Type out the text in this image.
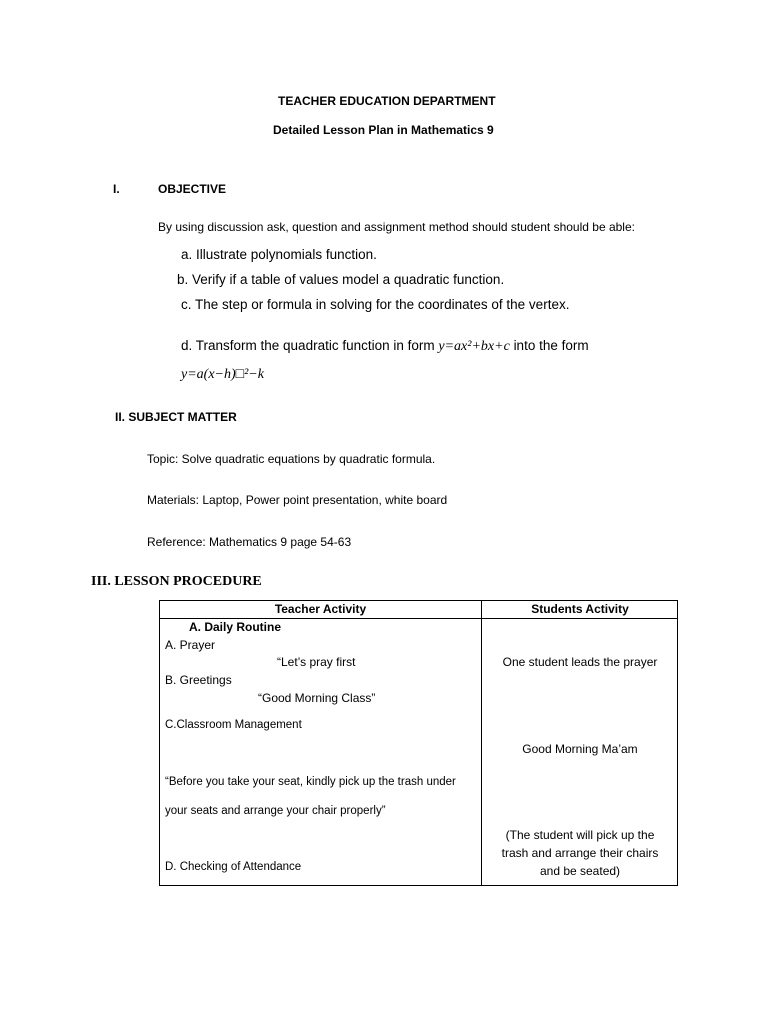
TEACHER EDUCATION DEPARTMENT
Detailed Lesson Plan in Mathematics 9
I.	OBJECTIVE
By using discussion ask, question and assignment method should student should be able:
a. Illustrate polynomials function.
b. Verify if a table of values model a quadratic function.
c. The step or formula in solving for the coordinates of the vertex.
d. Transform the quadratic function in form y=ax²+bx+c into the form
y=a(x−h)□²−k
II. SUBJECT MATTER
Topic: Solve quadratic equations by quadratic formula.
Materials: Laptop, Power point presentation, white board
Reference: Mathematics 9 page 54-63
III. LESSON PROCEDURE
Teacher Activity	Students Activity
A. Daily Routine
A. Prayer
“Let’s pray first
B. Greetings
“Good Morning Class”
C.Classroom Management
“Before you take your seat, kindly pick up the trash under
your seats and arrange your chair properly”
D. Checking of Attendance
One student leads the prayer
Good Morning Ma’am
(The student will pick up the trash and arrange their chairs and be seated)
